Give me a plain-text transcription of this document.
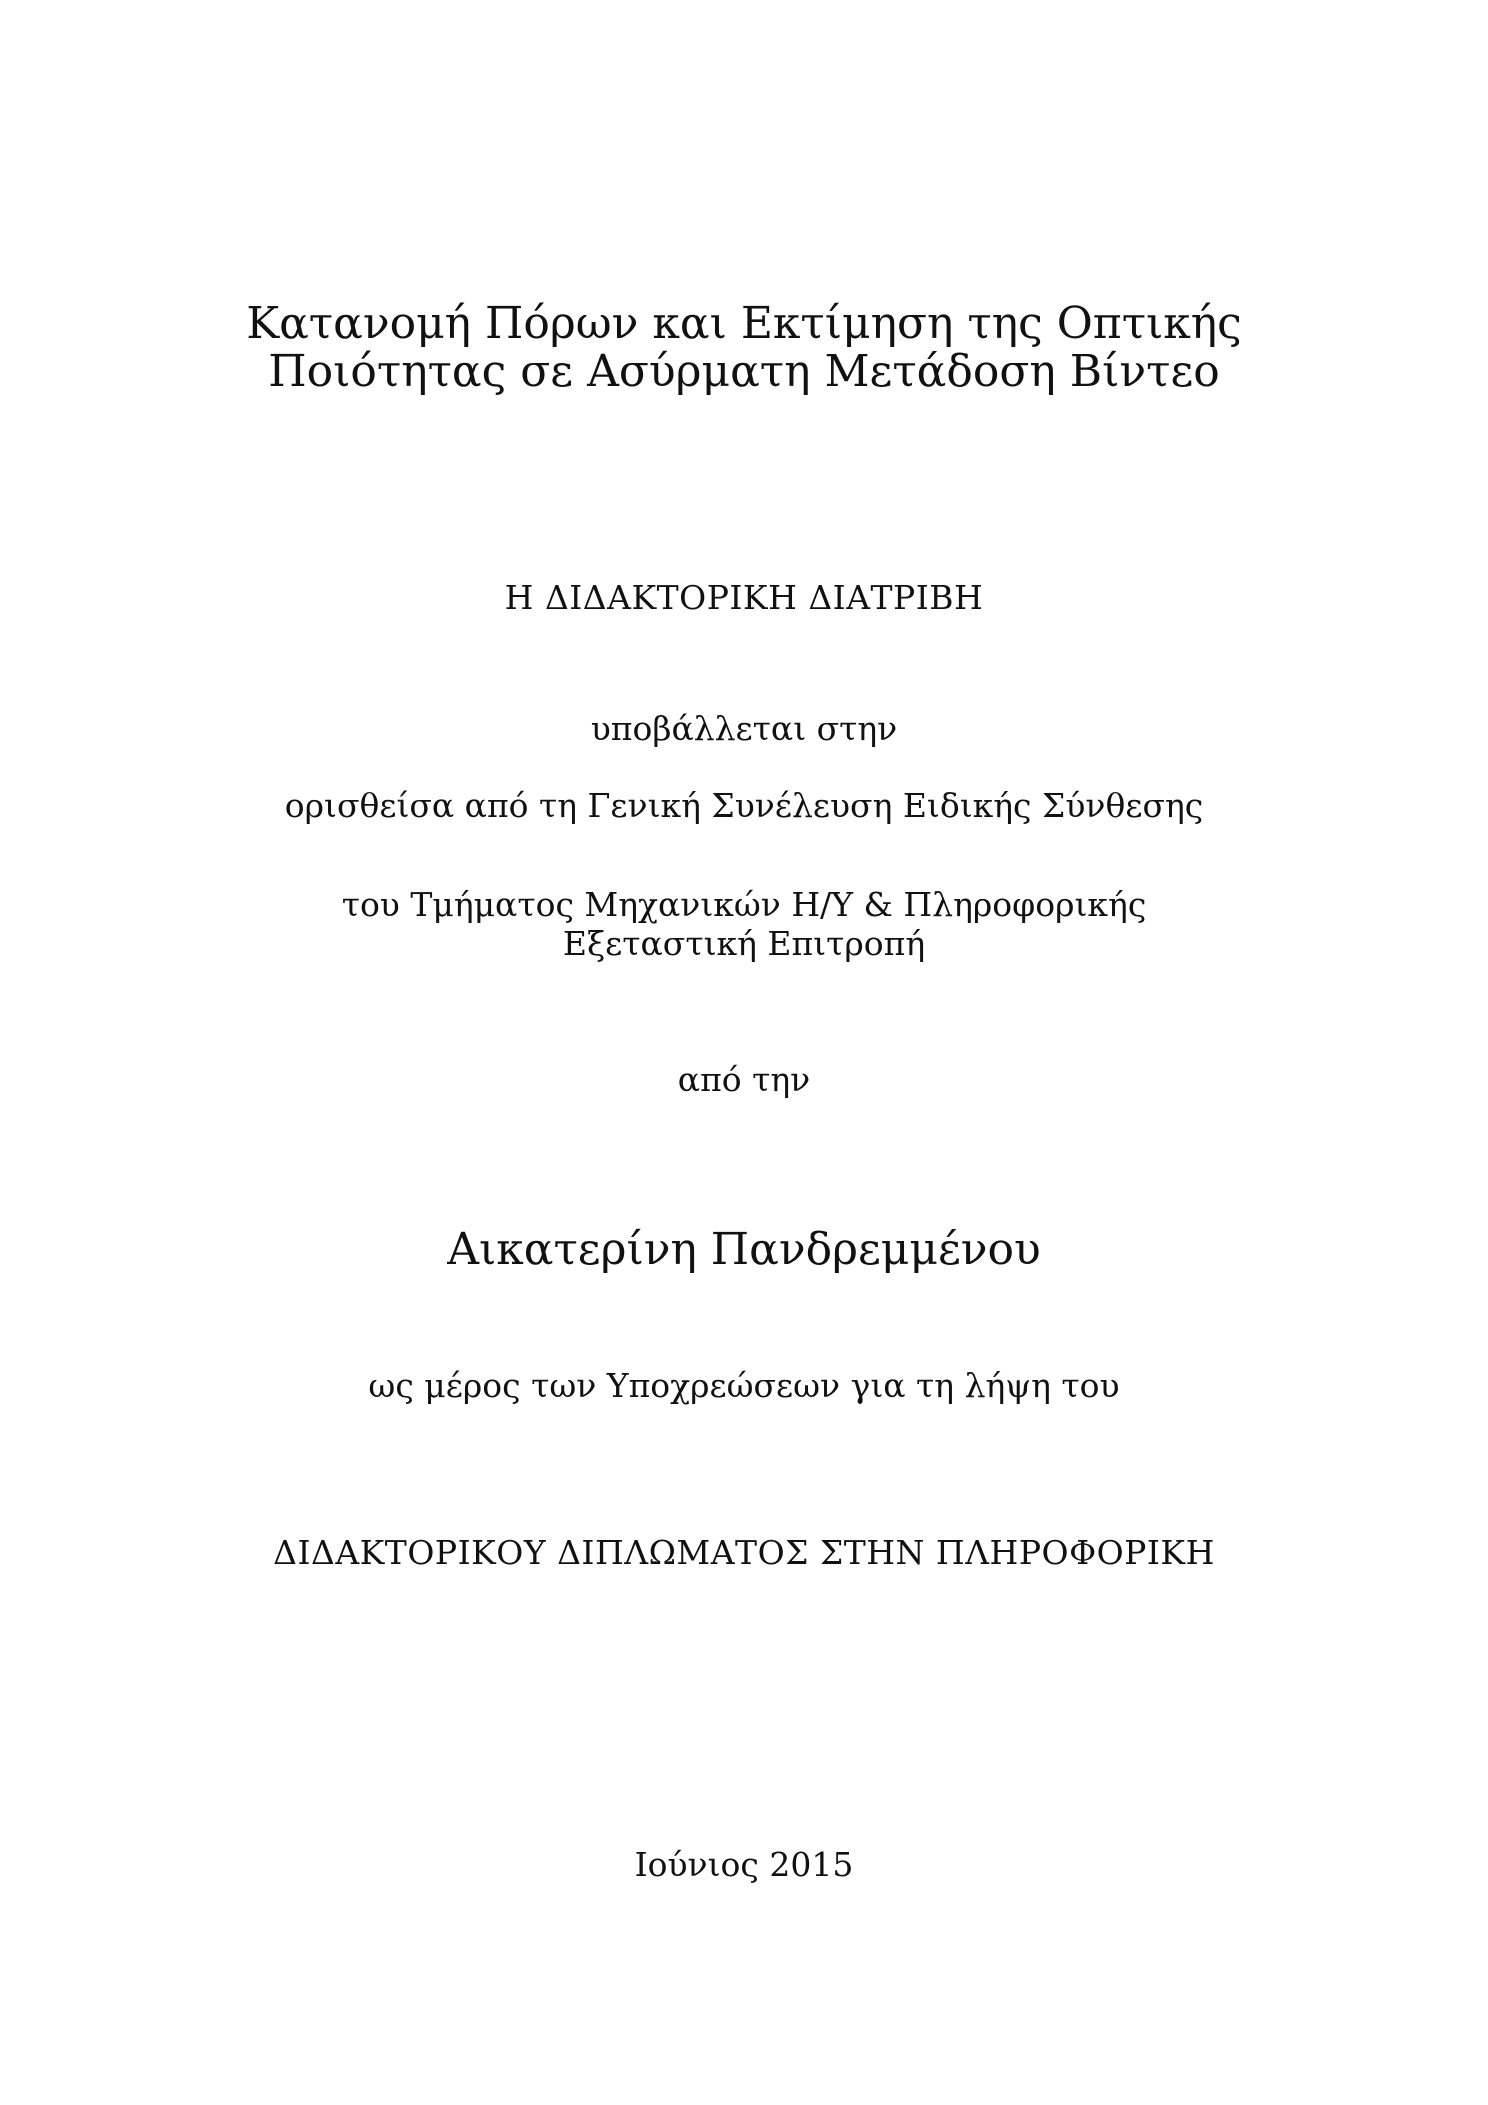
Κατανομή Πόρων και Εκτίμηση της Οπτικής
Ποιότητας σε Ασύρματη Μετάδοση Βίντεο
Η ΔΙΔΑΚΤΟΡΙΚΗ ΔΙΑΤΡΙΒΗ
υποβάλλεται στην
ορισθείσα από τη Γενική Συνέλευση Ειδικής Σύνθεσης
του Τμήματος Μηχανικών Η/Υ & Πληροφορικής
Εξεταστική Επιτροπή
από την
Αικατερίνη Πανδρεμμένου
ως μέρος των Υποχρεώσεων για τη λήψη του
ΔΙΔΑΚΤΟΡΙΚΟΥ ΔΙΠΛΩΜΑΤΟΣ ΣΤΗΝ ΠΛΗΡΟΦΟΡΙΚΗ
Ιούνιος 2015
